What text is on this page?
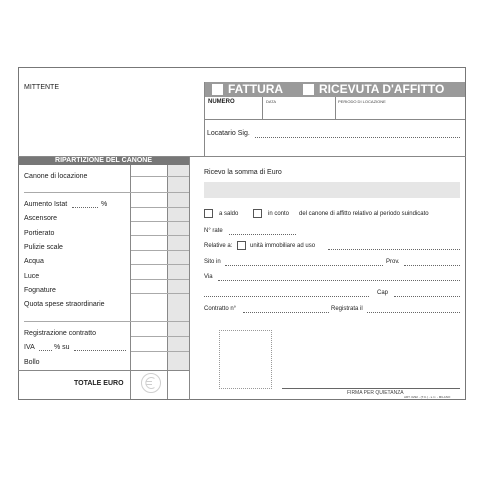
MITTENTE	FATTURA	RICEVUTA D'AFFITTO
NUMERO	DATA	PERIODO DI LOCAZIONE
Locatario Sig.
RIPARTIZIONE DEL CANONE
Canone di locazione
Aumento Istat	%
Ascensore
Portierato
Pulizie scale
Acqua
Luce
Fognature
Quota spese straordinarie
Registrazione contratto
IVA	% su
Bollo
TOTALE EURO
Ricevo la somma di Euro
a saldo	in conto del canone di affitto relativo al periodo suindicato
N° rate
Relative a:	unità immobiliare ad uso
Sito in	Prov.
Via
Cap
Contratto n°	Registrata il
FIRMA PER QUIETANZA
ART. 0292 - (T.C.) - s.r.l. - MILANO
